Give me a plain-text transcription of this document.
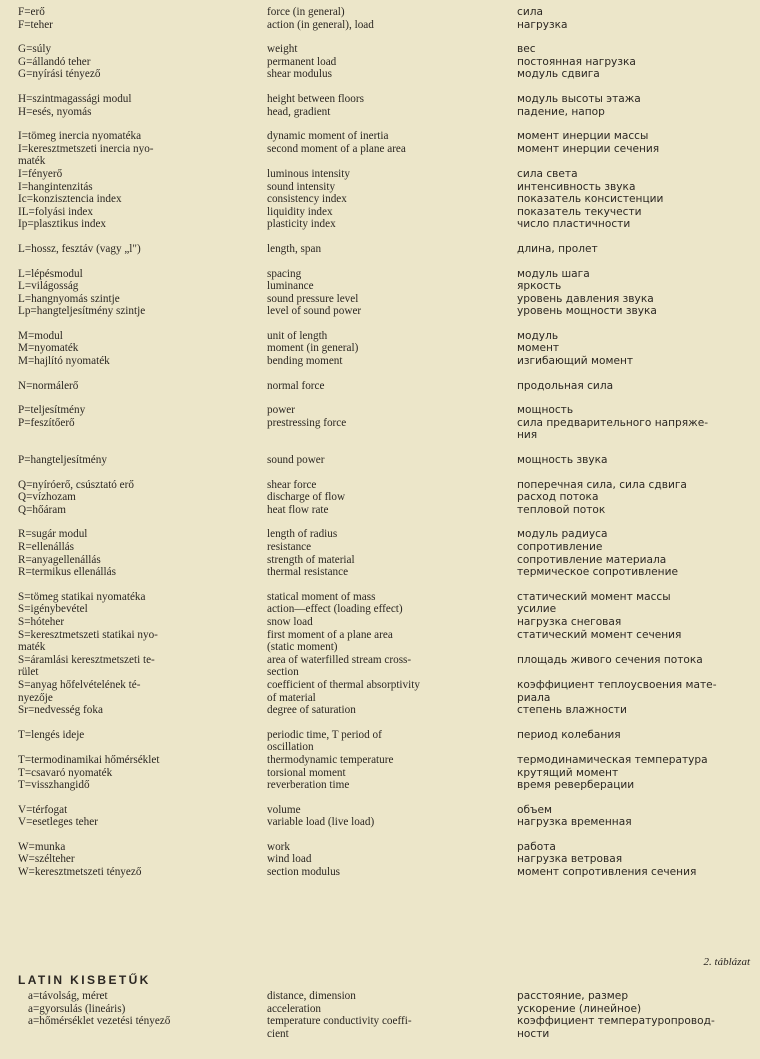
F=erő	force (in general)	сила
F=teher	action (in general), load	нагрузка
G=súly	weight	вес
G=állandó teher	permanent load	постоянная нагрузка
G=nyírási tényező	shear modulus	модуль сдвига
H=szintmagassági modul	height between floors	модуль высоты этажа
H=esés, nyomás	head, gradient	падение, напор
I=tömeg inercia nyomatéka	dynamic moment of inertia	момент инерции массы
I=keresztmetszeti inercia nyo-	second moment of a plane area	момент инерции сечения
maték
I=fényerő	luminous intensity	сила света
I=hangintenzitás	sound intensity	интенсивность звука
Ic=konzisztencia index	consistency index	показатель консистенции
IL=folyási index	liquidity index	показатель текучести
Ip=plasztikus index	plasticity index	число пластичности
L=hossz, fesztáv (vagy „l")	length, span	длина, пролет
L=lépésmodul	spacing	модуль шага
L=világosság	luminance	яркость
L=hangnyomás szintje	sound pressure level	уровень давления звука
Lp=hangteljesítmény szintje	level of sound power	уровень мощности звука
M=modul	unit of length	модуль
M=nyomaték	moment (in general)	момент
M=hajlító nyomaték	bending moment	изгибающий момент
N=normálerő	normal force	продольная сила
P=teljesítmény	power	мощность
P=feszítőerő	prestressing force	сила предварительного напряже-
ния
P=hangteljesítmény	sound power	мощность звука
Q=nyíróerő, csúsztató erő	shear force	поперечная сила, сила сдвига
Q=vízhozam	discharge of flow	расход потока
Q=hőáram	heat flow rate	тепловой поток
R=sugár modul	length of radius	модуль радиуса
R=ellenállás	resistance	сопротивление
R=anyagellenállás	strength of material	сопротивление материала
R=termikus ellenállás	thermal resistance	термическое сопротивление
S=tömeg statikai nyomatéka	statical moment of mass	статический момент массы
S=igénybevétel	action—effect (loading effect)	усилие
S=hóteher	snow load	нагрузка снеговая
S=keresztmetszeti statikai nyo-	first moment of a plane area	статический момент сечения
maték	(static moment)
S=áramlási keresztmetszeti te-	area of waterfilled stream cross-	площадь живого сечения потока
rület	section
S=anyag hőfelvételének té-	coefficient of thermal absorptivity	коэффициент теплоусвоения мате-
nyezője	of material	риала
Sr=nedvesség foka	degree of saturation	степень влажности
T=lengés ideje	periodic time, T period of	период колебания
oscillation
T=termodinamikai hőmérséklet	thermodynamic temperature	термодинамическая температура
T=csavaró nyomaték	torsional moment	крутящий момент
T=visszhangidő	reverberation time	время реверберации
V=térfogat	volume	объем
V=esetleges teher	variable load (live load)	нагрузка временная
W=munka	work	работа
W=szélteher	wind load	нагрузка ветровая
W=keresztmetszeti tényező	section modulus	момент сопротивления сечения
LATIN KISBETŰK
2. táblázat
a=távolság, méret	distance, dimension	расстояние, размер
a=gyorsulás (lineáris)	acceleration	ускорение (линейное)
a=hőmérséklet vezetési tényező	temperature conductivity coeffi-	коэффициент температуропровод-
cient	ности
